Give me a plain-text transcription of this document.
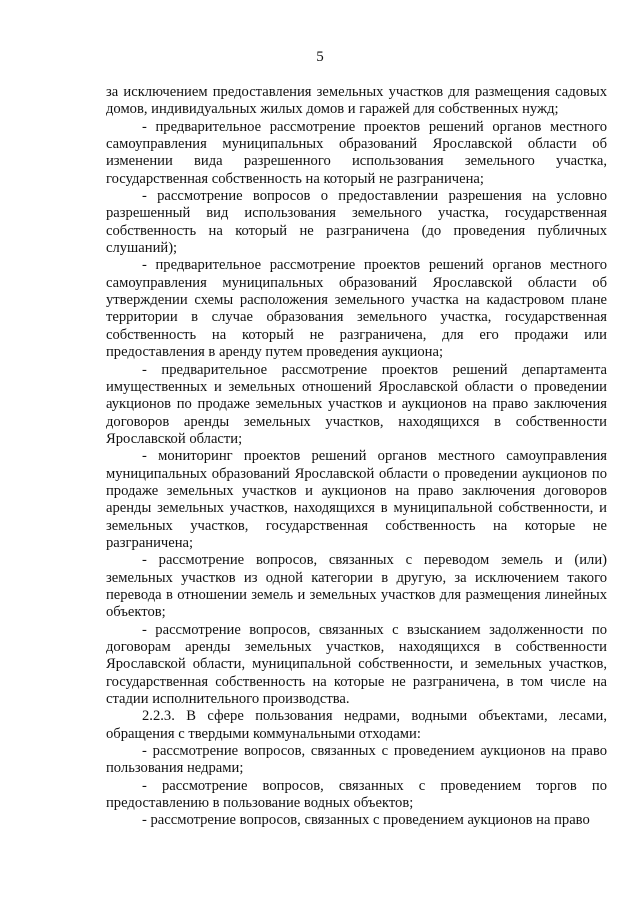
5

за исключением предоставления земельных участков для размещения садовых домов, индивидуальных жилых домов и гаражей для собственных нужд;

- предварительное рассмотрение проектов решений органов местного самоуправления муниципальных образований Ярославской области об изменении вида разрешенного использования земельного участка, государственная собственность на который не разграничена;

- рассмотрение вопросов о предоставлении разрешения на условно разрешенный вид использования земельного участка, государственная собственность на который не разграничена (до проведения публичных слушаний);

- предварительное рассмотрение проектов решений органов местного самоуправления муниципальных образований Ярославской области об утверждении схемы расположения земельного участка на кадастровом плане территории в случае образования земельного участка, государственная собственность на который не разграничена, для его продажи или предоставления в аренду путем проведения аукциона;

- предварительное рассмотрение проектов решений департамента имущественных и земельных отношений Ярославской области о проведении аукционов по продаже земельных участков и аукционов на право заключения договоров аренды земельных участков, находящихся в собственности Ярославской области;

- мониторинг проектов решений органов местного самоуправления муниципальных образований Ярославской области о проведении аукционов по продаже земельных участков и аукционов на право заключения договоров аренды земельных участков, находящихся в муниципальной собственности, и земельных участков, государственная собственность на которые не разграничена;

- рассмотрение вопросов, связанных с переводом земель и (или) земельных участков из одной категории в другую, за исключением такого перевода в отношении земель и земельных участков для размещения линейных объектов;

- рассмотрение вопросов, связанных с взысканием задолженности по договорам аренды земельных участков, находящихся в собственности Ярославской области, муниципальной собственности, и земельных участков, государственная собственность на которые не разграничена, в том числе на стадии исполнительного производства.

2.2.3. В сфере пользования недрами, водными объектами, лесами, обращения с твердыми коммунальными отходами:

- рассмотрение вопросов, связанных с проведением аукционов на право пользования недрами;

- рассмотрение вопросов, связанных с проведением торгов по предоставлению в пользование водных объектов;

- рассмотрение вопросов, связанных с проведением аукционов на право
